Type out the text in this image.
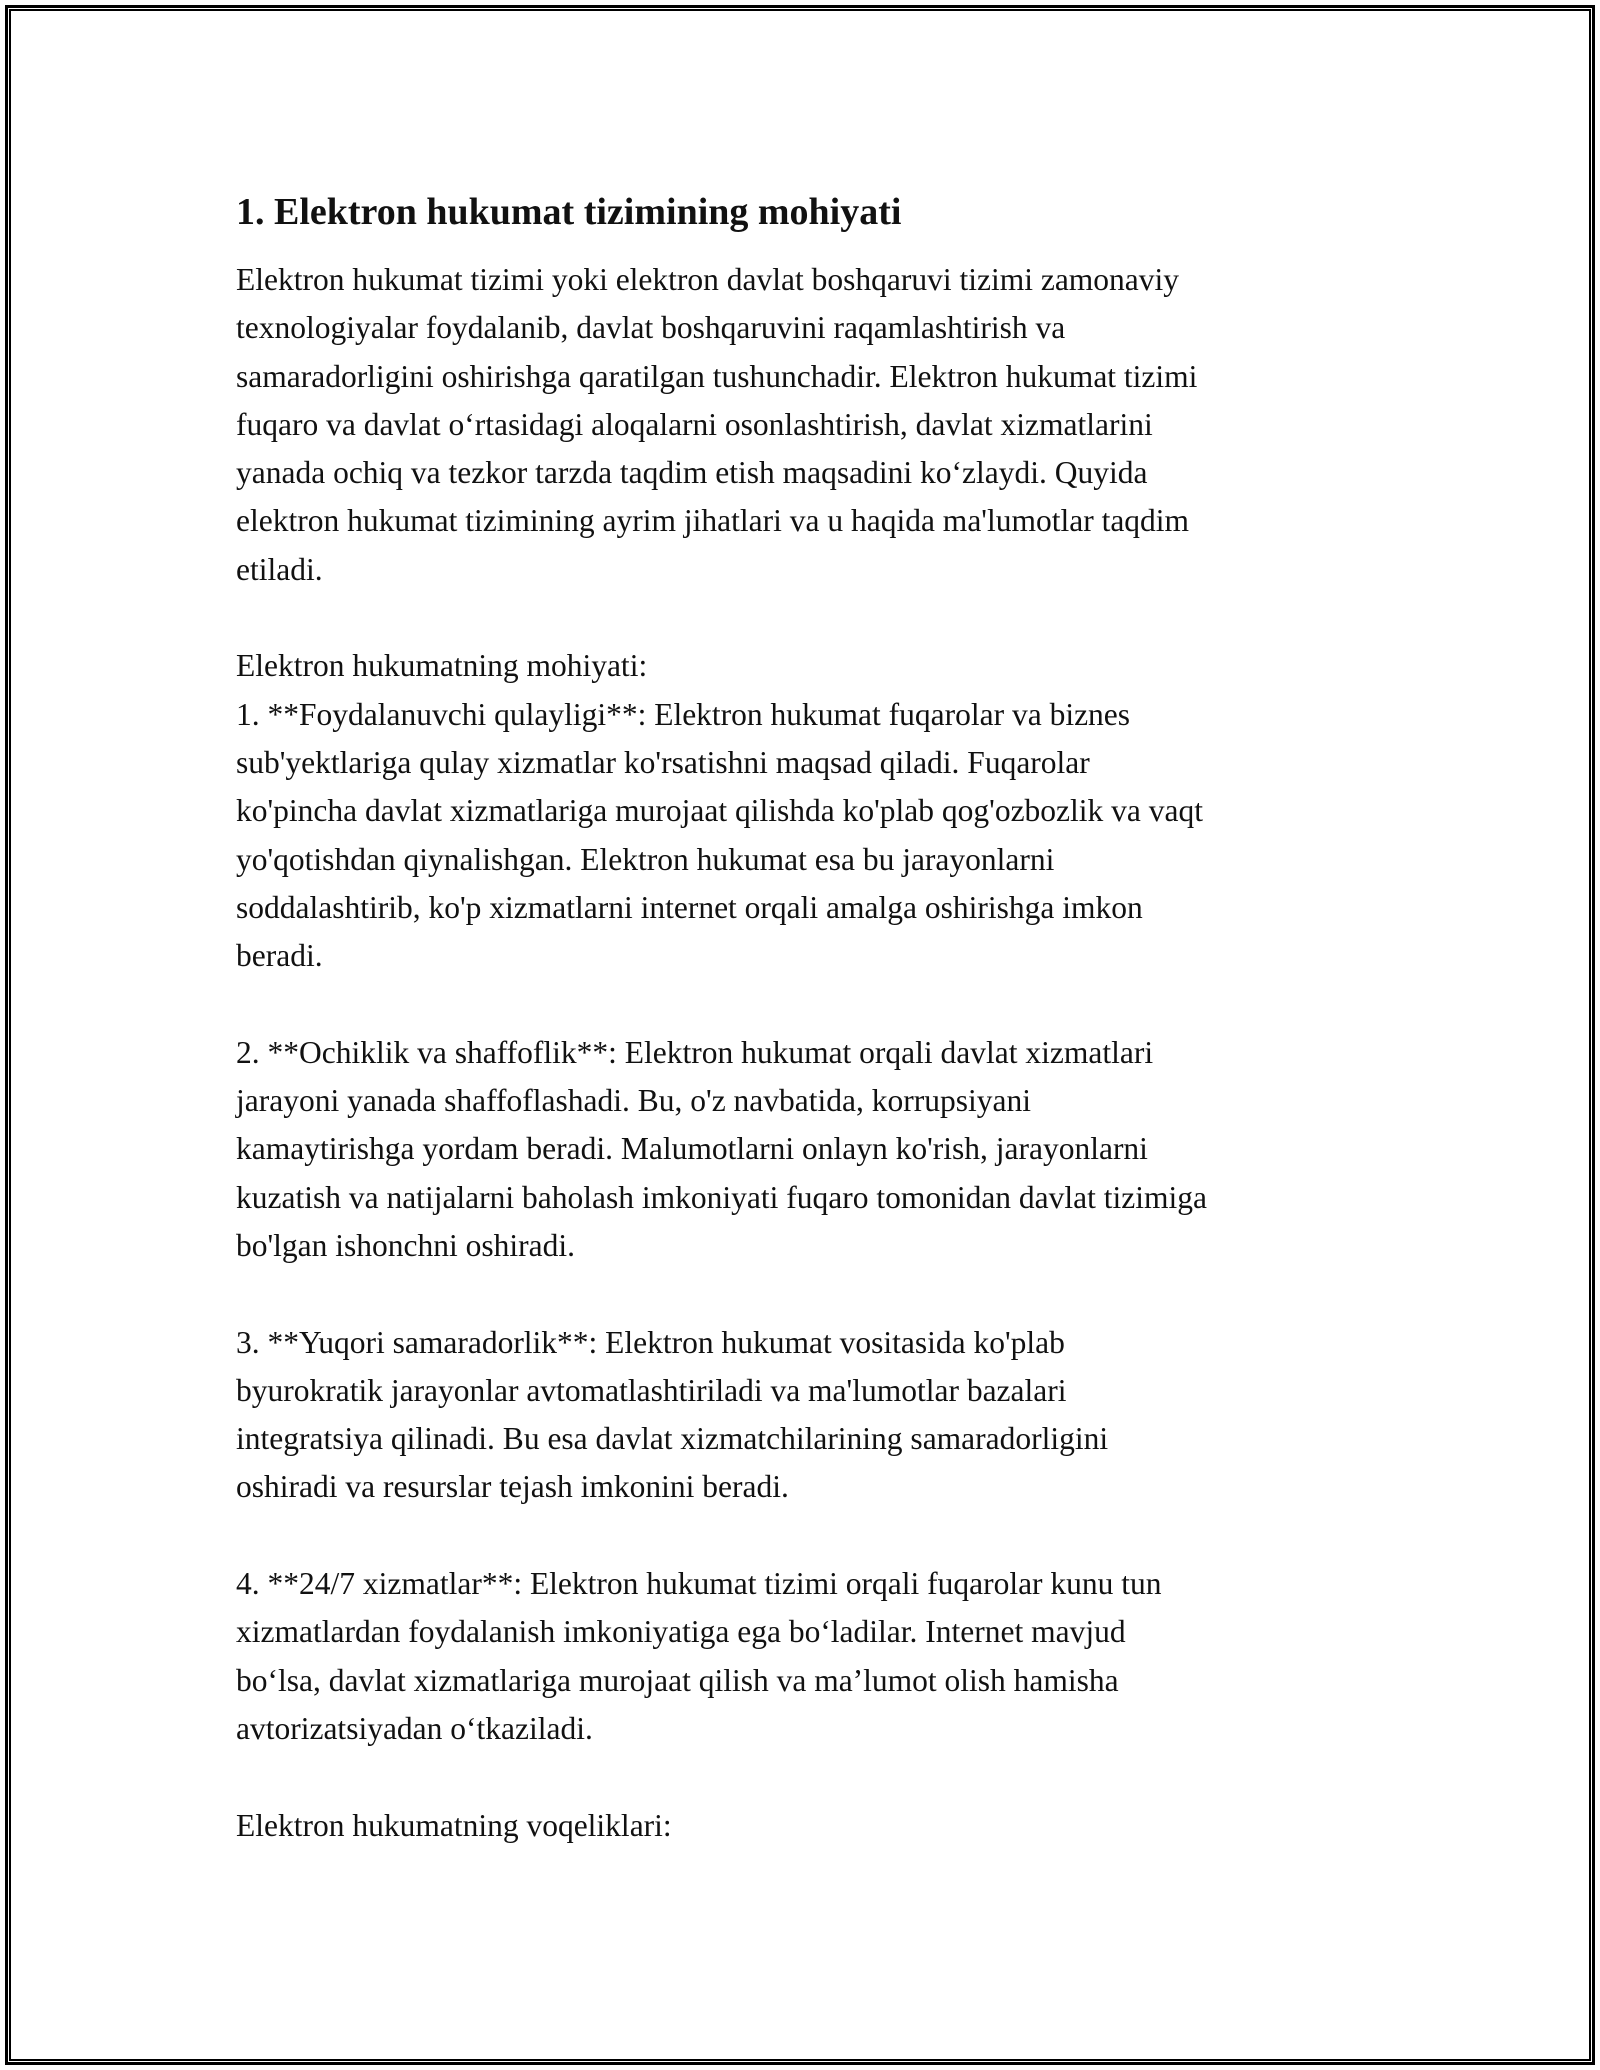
1. Elektron hukumat tizimining mohiyati

Elektron hukumat tizimi yoki elektron davlat boshqaruvi tizimi zamonaviy
texnologiyalar foydalanib, davlat boshqaruvini raqamlashtirish va
samaradorligini oshirishga qaratilgan tushunchadir. Elektron hukumat tizimi
fuqaro va davlat o‘rtasidagi aloqalarni osonlashtirish, davlat xizmatlarini
yanada ochiq va tezkor tarzda taqdim etish maqsadini ko‘zlaydi. Quyida
elektron hukumat tizimining ayrim jihatlari va u haqida ma'lumotlar taqdim
etiladi.
Elektron hukumatning mohiyati:
1. **Foydalanuvchi qulayligi**: Elektron hukumat fuqarolar va biznes
sub'yektlariga qulay xizmatlar ko'rsatishni maqsad qiladi. Fuqarolar
ko'pincha davlat xizmatlariga murojaat qilishda ko'plab qog'ozbozlik va vaqt
yo'qotishdan qiynalishgan. Elektron hukumat esa bu jarayonlarni
soddalashtirib, ko'p xizmatlarni internet orqali amalga oshirishga imkon
beradi.
2. **Ochiklik va shaffoflik**: Elektron hukumat orqali davlat xizmatlari
jarayoni yanada shaffoflashadi. Bu, o'z navbatida, korrupsiyani
kamaytirishga yordam beradi. Malumotlarni onlayn ko'rish, jarayonlarni
kuzatish va natijalarni baholash imkoniyati fuqaro tomonidan davlat tizimiga
bo'lgan ishonchni oshiradi.
3. **Yuqori samaradorlik**: Elektron hukumat vositasida ko'plab
byurokratik jarayonlar avtomatlashtiriladi va ma'lumotlar bazalari
integratsiya qilinadi. Bu esa davlat xizmatchilarining samaradorligini
oshiradi va resurslar tejash imkonini beradi.
4. **24/7 xizmatlar**: Elektron hukumat tizimi orqali fuqarolar kunu tun
xizmatlardan foydalanish imkoniyatiga ega bo‘ladilar. Internet mavjud
bo‘lsa, davlat xizmatlariga murojaat qilish va ma’lumot olish hamisha
avtorizatsiyadan o‘tkaziladi.
Elektron hukumatning voqeliklari:
